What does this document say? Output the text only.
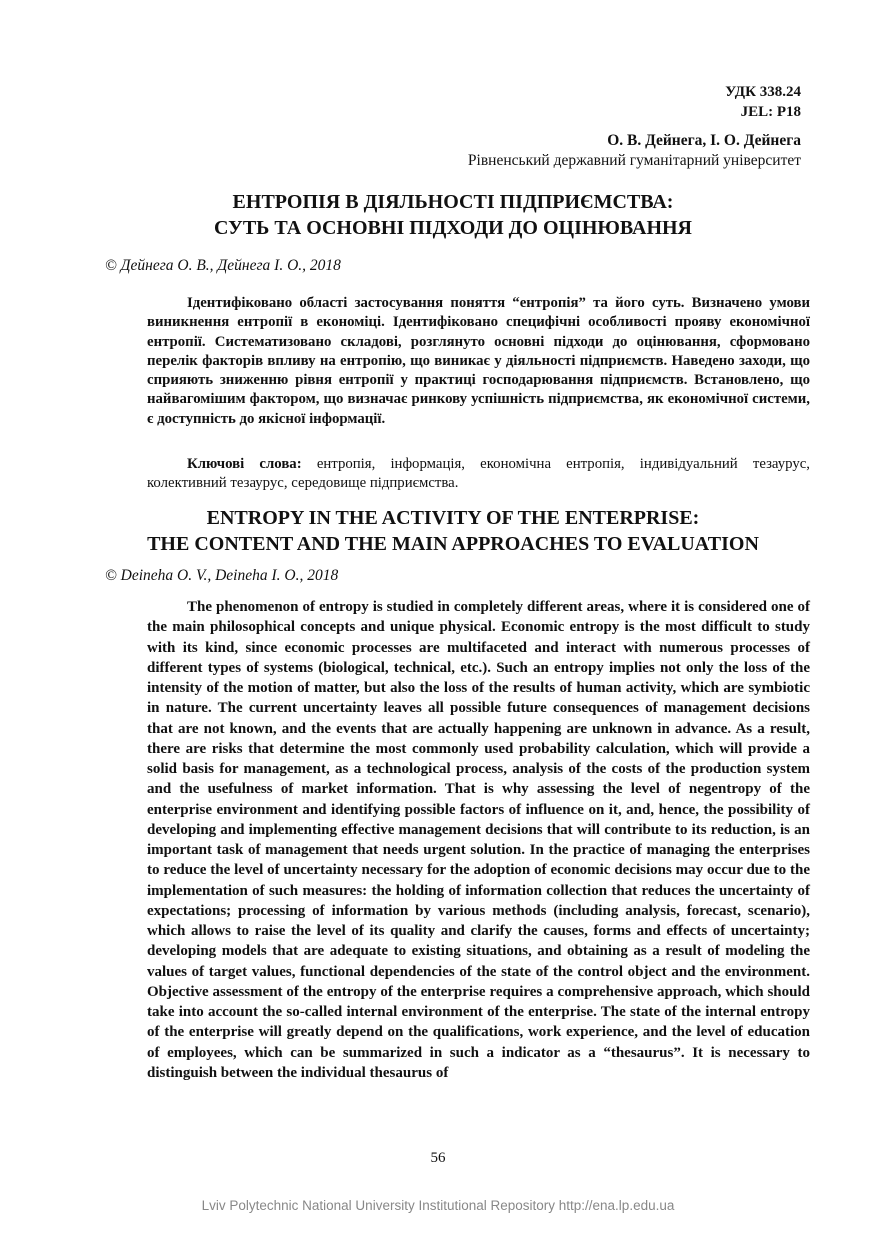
УДК 338.24
JEL: P18
О. В. Дейнега, І. О. Дейнега
Рівненський державний гуманітарний університет
ЕНТРОПІЯ В ДІЯЛЬНОСТІ ПІДПРИЄМСТВА:
СУТЬ ТА ОСНОВНІ ПІДХОДИ ДО ОЦІНЮВАННЯ
© Дейнега О. В., Дейнега І. О., 2018
Ідентифіковано області застосування поняття “ентропія” та його суть. Визначено умови виникнення ентропії в економіці. Ідентифіковано специфічні особливості прояву економічної ентропії. Систематизовано складові, розглянуто основні підходи до оцінювання, сформовано перелік факторів впливу на ентропію, що виникає у діяльності підприємств. Наведено заходи, що сприяють зниженню рівня ентропії у практиці господарювання підприємств. Встановлено, що найвагомішим фактором, що визначає ринкову успішність підприємства, як економічної системи, є доступність до якісної інформації.
Ключові слова: ентропія, інформація, економічна ентропія, індивідуальний тезаурус, колективний тезаурус, середовище підприємства.
ENTROPY IN THE ACTIVITY OF THE ENTERPRISE:
THE CONTENT AND THE MAIN APPROACHES TO EVALUATION
© Deineha O. V., Deineha I. O., 2018
The phenomenon of entropy is studied in completely different areas, where it is considered one of the main philosophical concepts and unique physical. Economic entropy is the most difficult to study with its kind, since economic processes are multifaceted and interact with numerous processes of different types of systems (biological, technical, etc.). Such an entropy implies not only the loss of the intensity of the motion of matter, but also the loss of the results of human activity, which are symbiotic in nature. The current uncertainty leaves all possible future consequences of management decisions that are not known, and the events that are actually happening are unknown in advance. As a result, there are risks that determine the most commonly used probability calculation, which will provide a solid basis for management, as a technological process, analysis of the costs of the production system and the usefulness of market information. That is why assessing the level of negentropy of the enterprise environment and identifying possible factors of influence on it, and, hence, the possibility of developing and implementing effective management decisions that will contribute to its reduction, is an important task of management that needs urgent solution. In the practice of managing the enterprises to reduce the level of uncertainty necessary for the adoption of economic decisions may occur due to the implementation of such measures: the holding of information collection that reduces the uncertainty of expectations; processing of information by various methods (including analysis, forecast, scenario), which allows to raise the level of its quality and clarify the causes, forms and effects of uncertainty; developing models that are adequate to existing situations, and obtaining as a result of modeling the values of target values, functional dependencies of the state of the control object and the environment. Objective assessment of the entropy of the enterprise requires a comprehensive approach, which should take into account the so-called internal environment of the enterprise. The state of the internal entropy of the enterprise will greatly depend on the qualifications, work experience, and the level of education of employees, which can be summarized in such a indicator as a “thesaurus”. It is necessary to distinguish between the individual thesaurus of
56
Lviv Polytechnic National University Institutional Repository http://ena.lp.edu.ua
